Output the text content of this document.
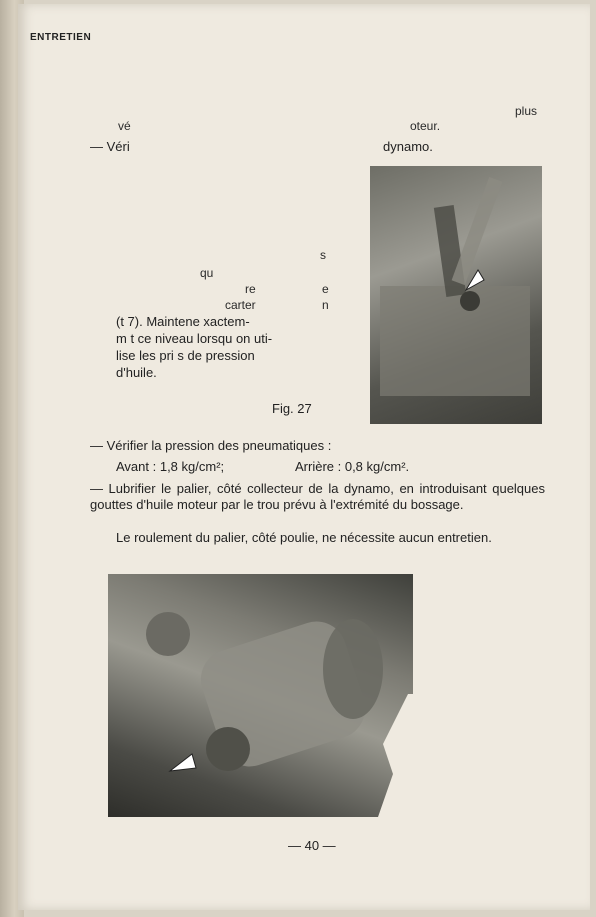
ENTRETIEN
plus
vé	oteur.
— Véri	dynamo.
s
qu
re	e
carter	n
(t 7). Maintene xactem-
m t ce niveau lorsqu on uti-
lise les pri s de pression
d'huile.
Fig. 27
— Vérifier la pression des pneumatiques :
Avant : 1,8 kg/cm²;	Arrière : 0,8 kg/cm².
— Lubrifier le palier, côté collecteur de la dynamo, en introduisant quelques gouttes d'huile moteur par le trou prévu à l'extrémité du bossage.
Le roulement du palier, côté poulie, ne nécessite aucun entretien.
— 40 —
